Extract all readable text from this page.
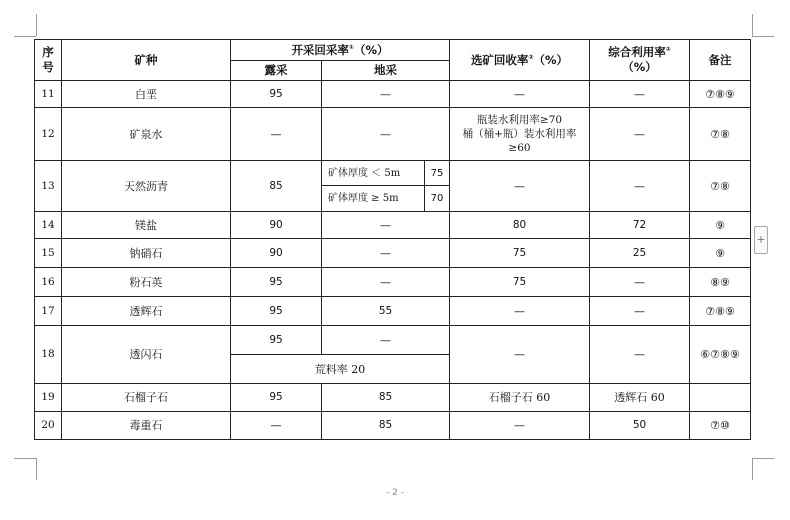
序号	矿种	开采回采率①（%）			选矿回收率②（%）	综合利用率②（%）	备注
		露采	地采				
11	白垩	95	—		—	—	⑦⑧⑨
12	矿泉水	—	—		瓶装水利用率≥70
桶（桶+瓶）装水利用率
≥60	—	⑦⑧
13	天然沥青	85	矿体厚度 ＜ 5m	75	—	—	⑦⑧
			矿体厚度 ≥ 5m	70			
14	镁盐	90	—		80	72	⑨
15	钠硝石	90	—		75	25	⑨
16	粉石英	95	—		75	—	⑧⑨
17	透辉石	95	55		—	—	⑦⑧⑨
18	透闪石	95	—		—	—	⑥⑦⑧⑨
		荒料率 20					
19	石榴子石	95	85		石榴子石 60	透辉石 60	
20	毒重石	—	85		—	50	⑦⑩
+
- 2 -
